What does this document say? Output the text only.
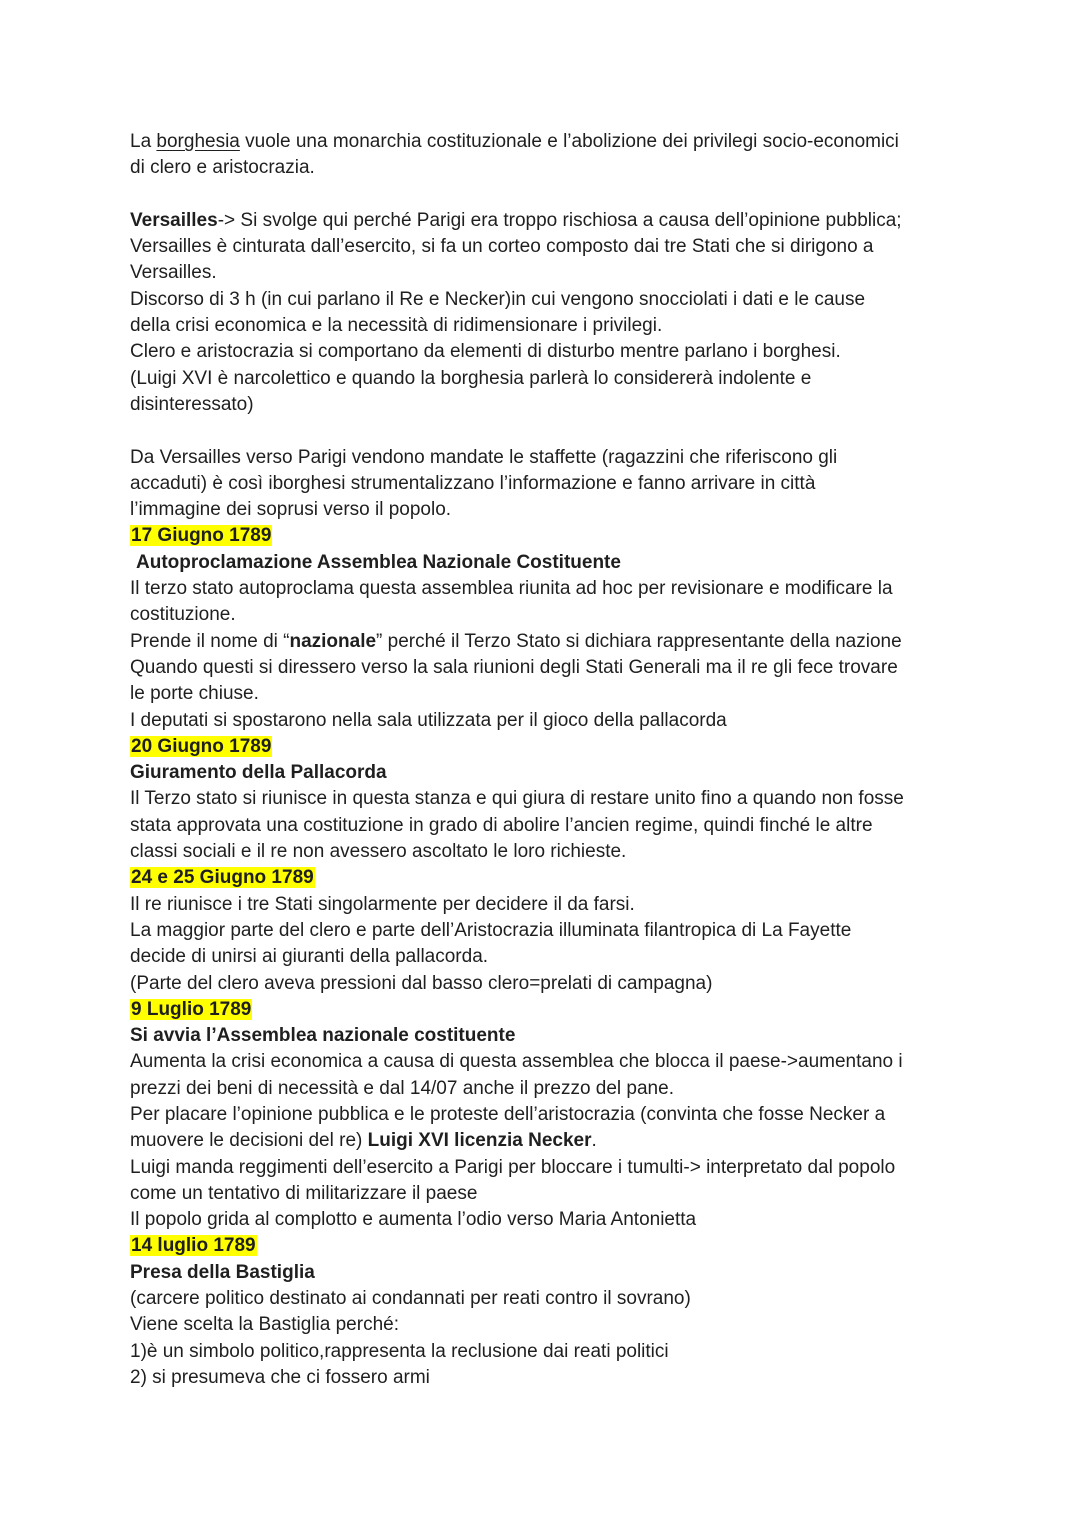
La borghesia vuole una monarchia costituzionale e l’abolizione dei privilegi socio-economici
di clero e aristocrazia.
Versailles-> Si svolge qui perché Parigi era troppo rischiosa a causa dell’opinione pubblica;
Versailles è cinturata dall’esercito, si fa un corteo composto dai tre Stati che si dirigono a
Versailles.
Discorso di 3 h (in cui parlano il Re e Necker)in cui vengono snocciolati i dati e le cause
della crisi economica e la necessità di ridimensionare i privilegi.
Clero e aristocrazia si comportano da elementi di disturbo mentre parlano i borghesi.
(Luigi XVI è narcolettico e quando la borghesia parlerà lo considererà indolente e
disinteressato)
Da Versailles verso Parigi vendono mandate le staffette (ragazzini che riferiscono gli
accaduti) è così iborghesi strumentalizzano l’informazione e fanno arrivare in città
l’immagine dei soprusi verso il popolo.
17 Giugno 1789
Autoproclamazione Assemblea Nazionale Costituente
Il terzo stato autoproclama questa assemblea riunita ad hoc per revisionare e modificare la
costituzione.
Prende il nome di “nazionale” perché il Terzo Stato si dichiara rappresentante della nazione
Quando questi si diressero verso la sala riunioni degli Stati Generali ma il re gli fece trovare
le porte chiuse.
I deputati si spostarono nella sala utilizzata per il gioco della pallacorda
20 Giugno 1789
Giuramento della Pallacorda
Il Terzo stato si riunisce in questa stanza e qui giura di restare unito fino a quando non fosse
stata approvata una costituzione in grado di abolire l’ancien regime, quindi finché le altre
classi sociali e il re non avessero ascoltato le loro richieste.
24 e 25 Giugno 1789
Il re riunisce i tre Stati singolarmente per decidere il da farsi.
La maggior parte del clero e parte dell’Aristocrazia illuminata filantropica di La Fayette
decide di unirsi ai giuranti della pallacorda.
(Parte del clero aveva pressioni dal basso clero=prelati di campagna)
9 Luglio 1789
Si avvia l’Assemblea nazionale costituente
Aumenta la crisi economica a causa di questa assemblea che blocca il paese->aumentano i
prezzi dei beni di necessità e dal 14/07 anche il prezzo del pane.
Per placare l’opinione pubblica e le proteste dell’aristocrazia (convinta che fosse Necker a
muovere le decisioni del re) Luigi XVI licenzia Necker.
Luigi manda reggimenti dell’esercito a Parigi per bloccare i tumulti-> interpretato dal popolo
come un tentativo di militarizzare il paese
Il popolo grida al complotto e aumenta l’odio verso Maria Antonietta
14 luglio 1789
Presa della Bastiglia
(carcere politico destinato ai condannati per reati contro il sovrano)
Viene scelta la Bastiglia perché:
1)è un simbolo politico,rappresenta la reclusione dai reati politici
2) si presumeva che ci fossero armi
